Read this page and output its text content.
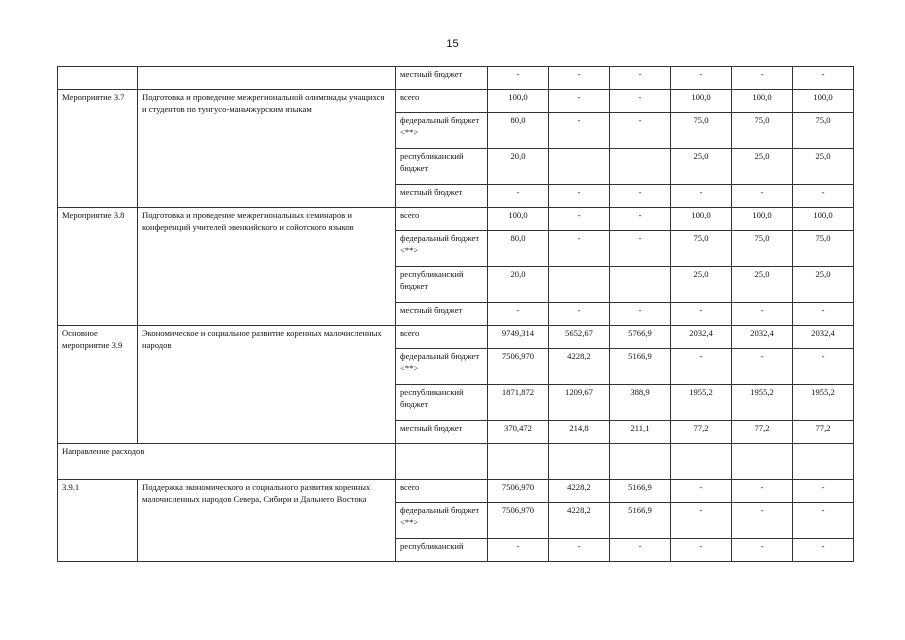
15
		местный бюджет	-	-	-	-	-	-
Мероприятие 3.7	Подготовка и проведение межрегиональной олимпиады учащихся и студентов по тунгусо-маньчжурским языкам	всего	100,0	-	-	100,0	100,0	100,0
		федеральный бюджет <**>	80,0	-	-	75,0	75,0	75,0
		республиканский бюджет	20,0			25,0	25,0	25,0
		местный бюджет	-	-	-	-	-	-
Мероприятие 3.8	Подготовка и проведение межрегиональных семинаров и конференций учителей эвенкийского и сойотского языков	всего	100,0	-	-	100,0	100,0	100,0
		федеральный бюджет <**>	80,0	-	-	75,0	75,0	75,0
		республиканский бюджет	20,0			25,0	25,0	25,0
		местный бюджет	-	-	-	-	-	-
Основное мероприятие 3.9	Экономическое и социальное развитие коренных малочисленных народов	всего	9749,314	5652,67	5766,9	2032,4	2032,4	2032,4
		федеральный бюджет <**>	7506,970	4228,2	5166,9	-	-	-
		республиканский бюджет	1871,872	1209,67	388,9	1955,2	1955,2	1955,2
		местный бюджет	370,472	214,8	211,1	77,2	77,2	77,2
Направление расходов								
3.9.1	Поддержка экономического и социального развития коренных малочисленных народов Севера, Сибири и Дальнего Востока	всего	7506,970	4228,2	5166,9	-	-	-
		федеральный бюджет <**>	7506,970	4228,2	5166,9	-	-	-
		республиканский	-	-	-	-	-	-
